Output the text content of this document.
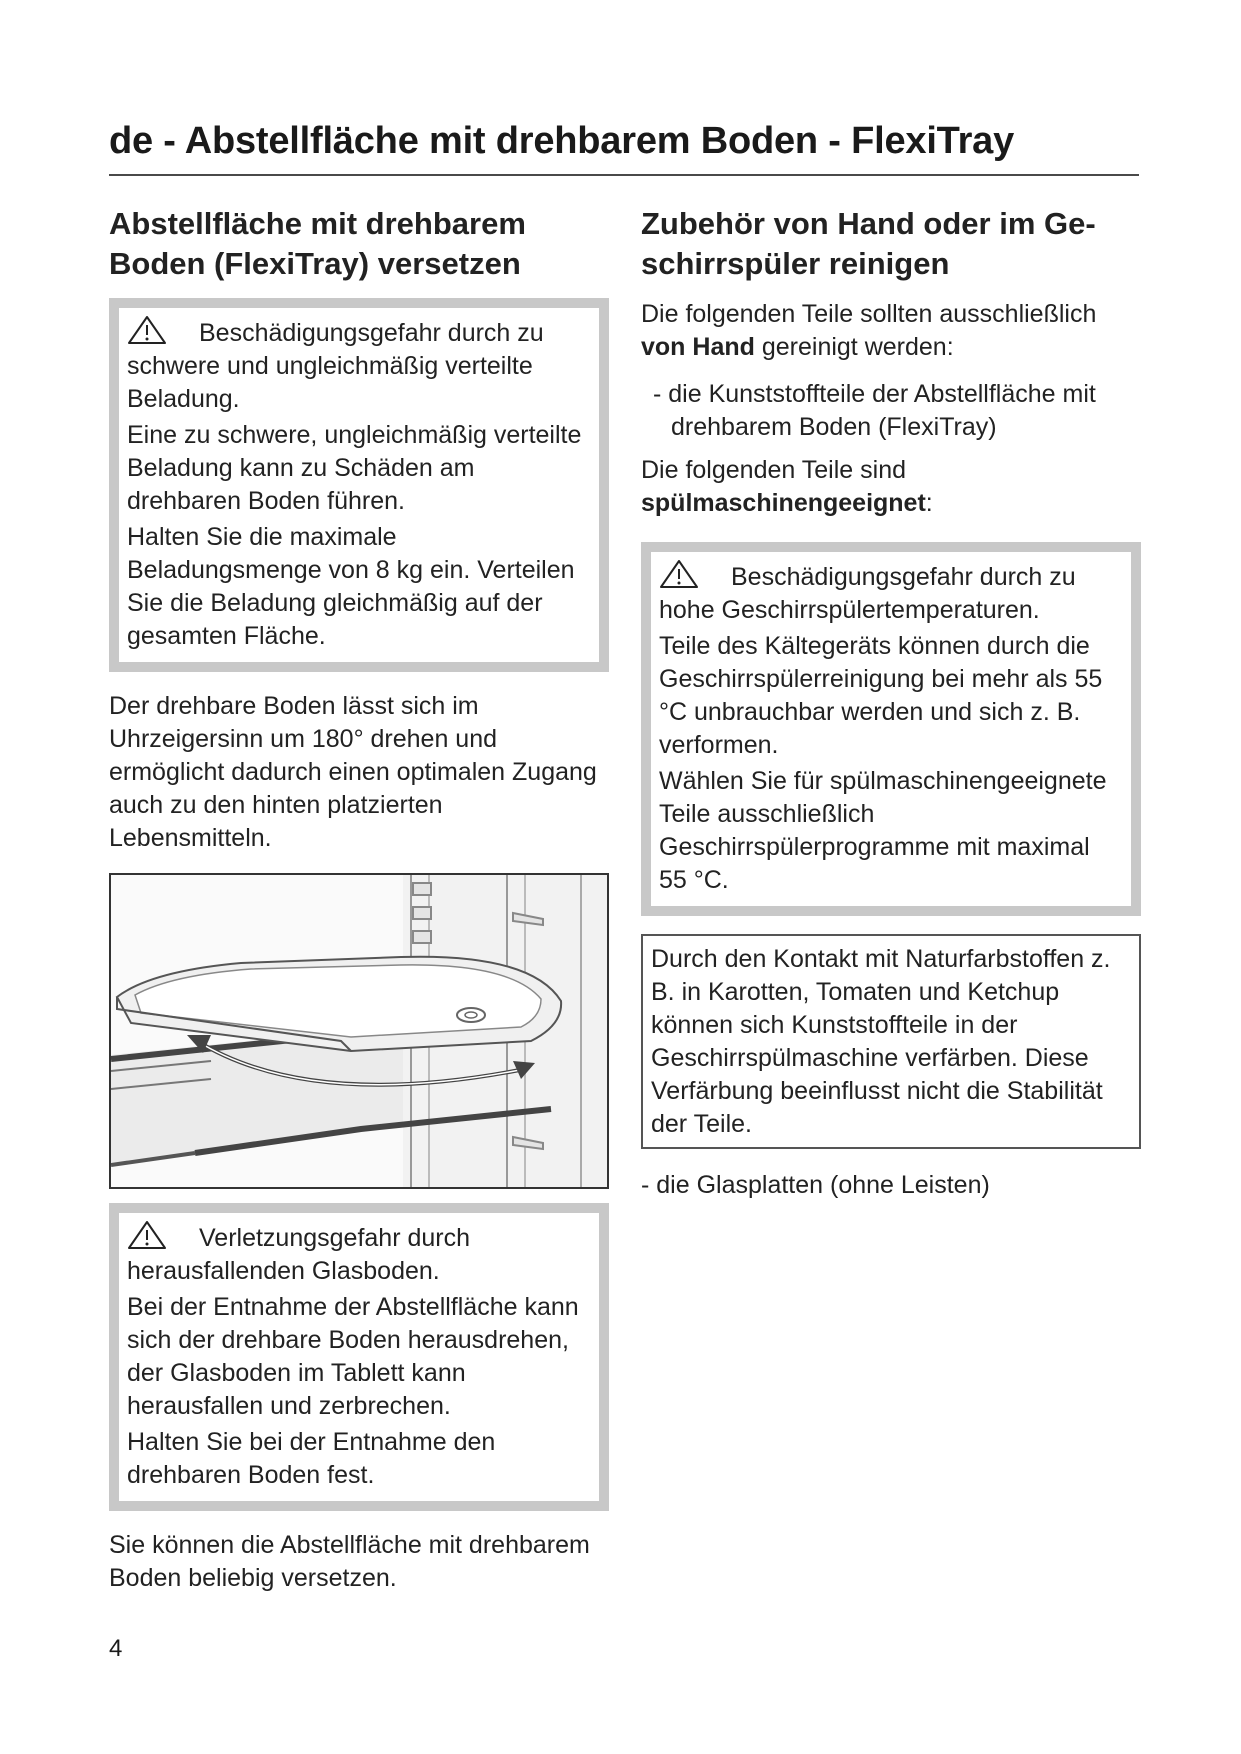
de - Abstellfläche mit drehbarem Boden - FlexiTray
Abstellfläche mit drehbarem
Boden (FlexiTray) versetzen

Beschädigungsgefahr durch zu schwere und ungleichmäßig verteilte Beladung.

Eine zu schwere, ungleichmäßig verteilte Beladung kann zu Schäden am drehbaren Boden führen.

Halten Sie die maximale Beladungsmenge von 8 kg ein. Verteilen Sie die Beladung gleichmäßig auf der gesamten Fläche.

Der drehbare Boden lässt sich im Uhrzeigersinn um 180° drehen und ermöglicht dadurch einen optimalen Zugang auch zu den hinten platzierten Lebensmitteln.

Verletzungsgefahr durch herausfallenden Glasboden.

Bei der Entnahme der Abstellfläche kann sich der drehbare Boden herausdrehen, der Glasboden im Tablett kann herausfallen und zerbrechen.

Halten Sie bei der Entnahme den drehbaren Boden fest.

Sie können die Abstellfläche mit drehbarem Boden beliebig versetzen.

Zubehör von Hand oder im Ge-
schirrspüler reinigen

Die folgenden Teile sollten ausschließlich von Hand gereinigt werden:

- die Kunststoffteile der Abstellfläche mit drehbarem Boden (FlexiTray)

Die folgenden Teile sind spülmaschinengeeignet:

Beschädigungsgefahr durch zu hohe Geschirrspülertemperaturen.

Teile des Kältegeräts können durch die Geschirrspülerreinigung bei mehr als 55 °C unbrauchbar werden und sich z. B. verformen.

Wählen Sie für spülmaschinengeeignete Teile ausschließlich Geschirrspülerprogramme mit maximal 55 °C.

Durch den Kontakt mit Naturfarbstoffen z. B. in Karotten, Tomaten und Ketchup können sich Kunststoffteile in der Geschirrspülmaschine verfärben. Diese Verfärbung beeinflusst nicht die Stabilität der Teile.

- die Glasplatten (ohne Leisten)

4
